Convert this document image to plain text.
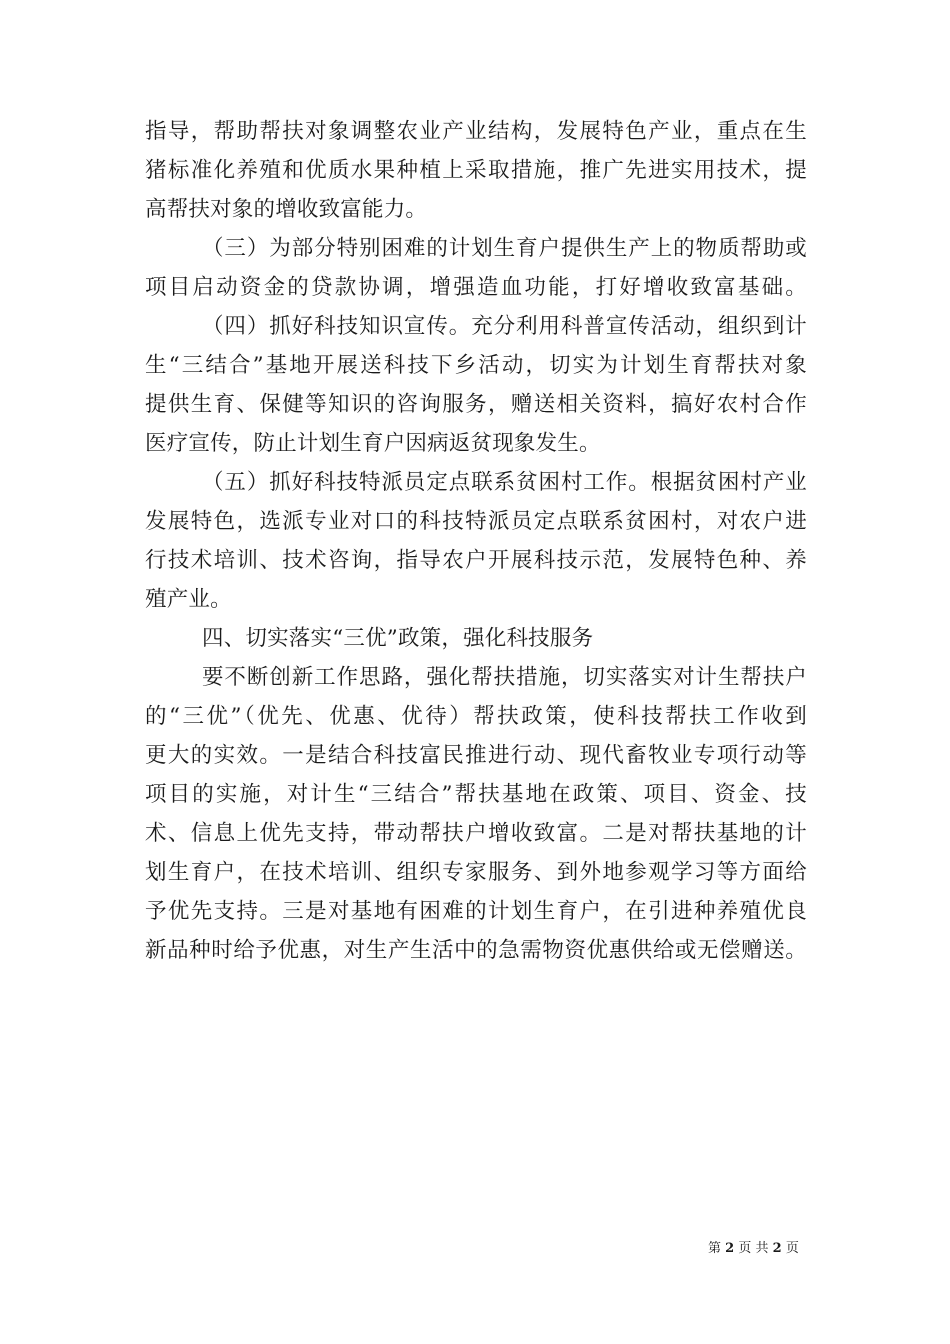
指导，帮助帮扶对象调整农业产业结构，发展特色产业，重点在生
猪标准化养殖和优质水果种植上采取措施，推广先进实用技术，提
高帮扶对象的增收致富能力。
（三）为部分特别困难的计划生育户提供生产上的物质帮助或
项目启动资金的贷款协调，增强造血功能，打好增收致富基础。
（四）抓好科技知识宣传。充分利用科普宣传活动，组织到计
生“三结合”基地开展送科技下乡活动，切实为计划生育帮扶对象
提供生育、保健等知识的咨询服务，赠送相关资料，搞好农村合作
医疗宣传，防止计划生育户因病返贫现象发生。
（五）抓好科技特派员定点联系贫困村工作。根据贫困村产业
发展特色，选派专业对口的科技特派员定点联系贫困村，对农户进
行技术培训、技术咨询，指导农户开展科技示范，发展特色种、养
殖产业。
四、切实落实“三优”政策，强化科技服务
要不断创新工作思路，强化帮扶措施，切实落实对计生帮扶户
的“三优”（优先、优惠、优待）帮扶政策，使科技帮扶工作收到
更大的实效。一是结合科技富民推进行动、现代畜牧业专项行动等
项目的实施，对计生“三结合”帮扶基地在政策、项目、资金、技
术、信息上优先支持，带动帮扶户增收致富。二是对帮扶基地的计
划生育户，在技术培训、组织专家服务、到外地参观学习等方面给
予优先支持。三是对基地有困难的计划生育户，在引进种养殖优良
新品种时给予优惠，对生产生活中的急需物资优惠供给或无偿赠送。
第 2 页 共 2 页
